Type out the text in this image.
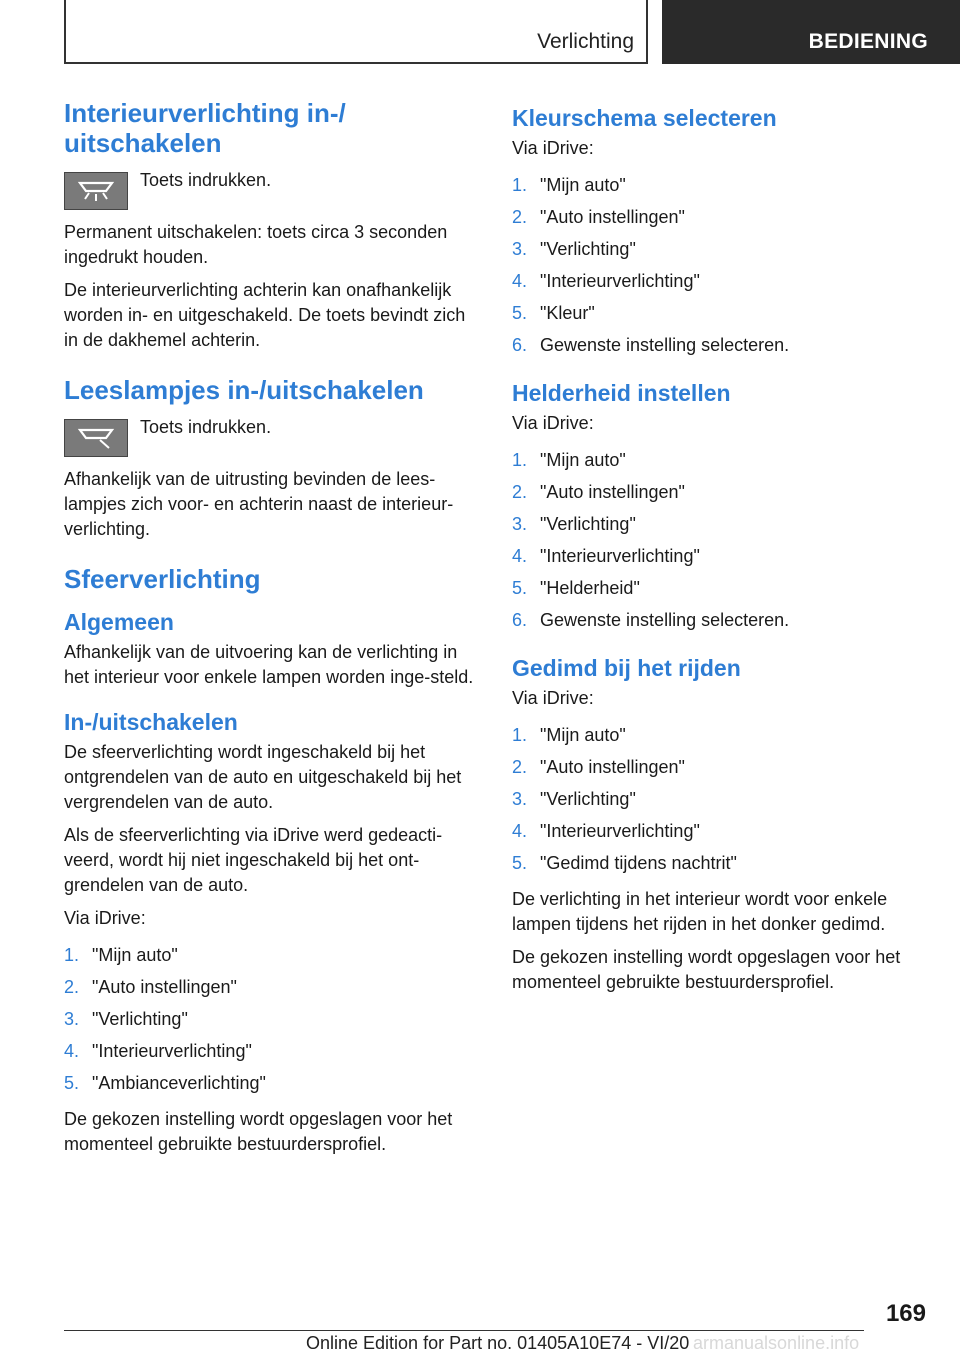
Verlichting	BEDIENING
Interieurverlichting in-/ uitschakelen
Toets indrukken.

Permanent uitschakelen: toets circa 3 seconden ingedrukt houden.

De interieurverlichting achterin kan onafhankelijk worden in- en uitgeschakeld. De toets bevindt zich in de dakhemel achterin.

Leeslampjes in-/uitschakelen
Toets indrukken.

Afhankelijk van de uitrusting bevinden de lees-lampjes zich voor- en achterin naast de interieur-verlichting.

Sfeerverlichting
Algemeen

Afhankelijk van de uitvoering kan de verlichting in het interieur voor enkele lampen worden inge-steld.

In-/uitschakelen

De sfeerverlichting wordt ingeschakeld bij het ontgrendelen van de auto en uitgeschakeld bij het vergrendelen van de auto.

Als de sfeerverlichting via iDrive werd gedeacti-veerd, wordt hij niet ingeschakeld bij het ont-grendelen van de auto.

Via iDrive:

1. "Mijn auto"
2. "Auto instellingen"
3. "Verlichting"
4. "Interieurverlichting"
5. "Ambianceverlichting"

De gekozen instelling wordt opgeslagen voor het momenteel gebruikte bestuurdersprofiel.

Kleurschema selecteren

Via iDrive:

1. "Mijn auto"
2. "Auto instellingen"
3. "Verlichting"
4. "Interieurverlichting"
5. "Kleur"
6. Gewenste instelling selecteren.
Helderheid instellen

Via iDrive:

1. "Mijn auto"
2. "Auto instellingen"
3. "Verlichting"
4. "Interieurverlichting"
5. "Helderheid"
6. Gewenste instelling selecteren.
Gedimd bij het rijden

Via iDrive:

1. "Mijn auto"
2. "Auto instellingen"
3. "Verlichting"
4. "Interieurverlichting"
5. "Gedimd tijdens nachtrit"

De verlichting in het interieur wordt voor enkele lampen tijdens het rijden in het donker gedimd.

De gekozen instelling wordt opgeslagen voor het momenteel gebruikte bestuurdersprofiel.

169
Online Edition for Part no. 01405A10E74 - VI/20 armanualsonline.info
